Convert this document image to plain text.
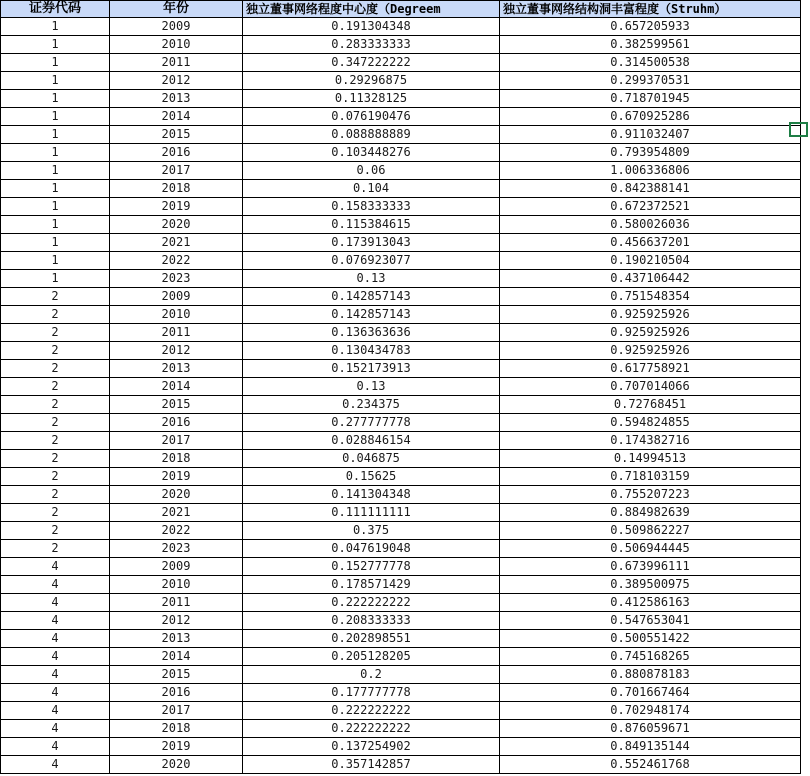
证券代码	年份	独立董事网络程度中心度（Degreem	独立董事网络结构洞丰富程度（Struhm）
1	2009	0.191304348	0.657205933
1	2010	0.283333333	0.382599561
1	2011	0.347222222	0.314500538
1	2012	0.29296875	0.299370531
1	2013	0.11328125	0.718701945
1	2014	0.076190476	0.670925286
1	2015	0.088888889	0.911032407
1	2016	0.103448276	0.793954809
1	2017	0.06	1.006336806
1	2018	0.104	0.842388141
1	2019	0.158333333	0.672372521
1	2020	0.115384615	0.580026036
1	2021	0.173913043	0.456637201
1	2022	0.076923077	0.190210504
1	2023	0.13	0.437106442
2	2009	0.142857143	0.751548354
2	2010	0.142857143	0.925925926
2	2011	0.136363636	0.925925926
2	2012	0.130434783	0.925925926
2	2013	0.152173913	0.617758921
2	2014	0.13	0.707014066
2	2015	0.234375	0.72768451
2	2016	0.277777778	0.594824855
2	2017	0.028846154	0.174382716
2	2018	0.046875	0.14994513
2	2019	0.15625	0.718103159
2	2020	0.141304348	0.755207223
2	2021	0.111111111	0.884982639
2	2022	0.375	0.509862227
2	2023	0.047619048	0.506944445
4	2009	0.152777778	0.673996111
4	2010	0.178571429	0.389500975
4	2011	0.222222222	0.412586163
4	2012	0.208333333	0.547653041
4	2013	0.202898551	0.500551422
4	2014	0.205128205	0.745168265
4	2015	0.2	0.880878183
4	2016	0.177777778	0.701667464
4	2017	0.222222222	0.702948174
4	2018	0.222222222	0.876059671
4	2019	0.137254902	0.849135144
4	2020	0.357142857	0.552461768
